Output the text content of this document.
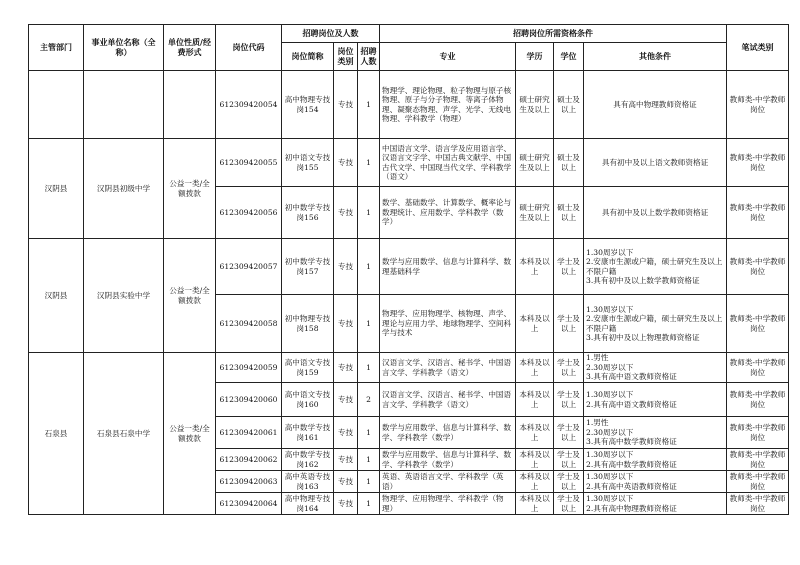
主管部门	事业单位名称（全称）	单位性质/经费形式	岗位代码	招聘岗位及人数			招聘岗位所需资格条件				笔试类别
				岗位简称	岗位类别	招聘人数	专业	学历	学位	其他条件	
			612309420054	高中物理专技岗154	专技	1	物理学、理论物理、粒子物理与原子核物理、原子与分子物理、等离子体物理、凝聚态物理、声学、光学、无线电物理、学科教学（物理）	硕士研究生及以上	硕士及以上	具有高中物理教师资格证	教师类-中学教师岗位
汉阴县	汉阴县初级中学	公益一类/全额拨款	612309420055	初中语文专技岗155	专技	1	中国语言文学、语言学及应用语言学、汉语言文字学、中国古典文献学、中国古代文学、中国现当代文学、学科教学（语文）	硕士研究生及以上	硕士及以上	具有初中及以上语文教师资格证	教师类-中学教师岗位
			612309420056	初中数学专技岗156	专技	1	数学、基础数学、计算数学、概率论与数理统计、应用数学、学科教学（数学）	硕士研究生及以上	硕士及以上	具有初中及以上数学教师资格证	教师类-中学教师岗位
汉阴县	汉阴县实验中学	公益一类/全额拨款	612309420057	初中数学专技岗157	专技	1	数学与应用数学、信息与计算科学、数理基础科学	本科及以上	学士及以上	1.30周岁以下
2.安康市生源或户籍，硕士研究生及以上不限户籍
3.具有初中及以上数学教师资格证	教师类-中学教师岗位
			612309420058	初中物理专技岗158	专技	1	物理学、应用物理学、核物理、声学、理论与应用力学、地球物理学、空间科学与技术	本科及以上	学士及以上	1.30周岁以下
2.安康市生源或户籍，硕士研究生及以上不限户籍
3.具有初中及以上物理教师资格证	教师类-中学教师岗位
石泉县	石泉县石泉中学	公益一类/全额拨款	612309420059	高中语文专技岗159	专技	1	汉语言文学、汉语言、秘书学、中国语言文学、学科教学（语文）	本科及以上	学士及以上	1.男性
2.30周岁以下
3.具有高中语文教师资格证	教师类-中学教师岗位
			612309420060	高中语文专技岗160	专技	2	汉语言文学、汉语言、秘书学、中国语言文学、学科教学（语文）	本科及以上	学士及以上	1.30周岁以下
2.具有高中语文教师资格证	教师类-中学教师岗位
			612309420061	高中数学专技岗161	专技	1	数学与应用数学、信息与计算科学、数学、学科教学（数学）	本科及以上	学士及以上	1.男性
2.30周岁以下
3.具有高中数学教师资格证	教师类-中学教师岗位
			612309420062	高中数学专技岗162	专技	1	数学与应用数学、信息与计算科学、数学、学科教学（数学）	本科及以上	学士及以上	1.30周岁以下
2.具有高中数学教师资格证	教师类-中学教师岗位
			612309420063	高中英语专技岗163	专技	1	英语、英语语言文学、学科教学（英语）	本科及以上	学士及以上	1.30周岁以下
2.具有高中英语教师资格证	教师类-中学教师岗位
			612309420064	高中物理专技岗164	专技	1	物理学、应用物理学、学科教学（物理）	本科及以上	学士及以上	1.30周岁以下
2.具有高中物理教师资格证	教师类-中学教师岗位
